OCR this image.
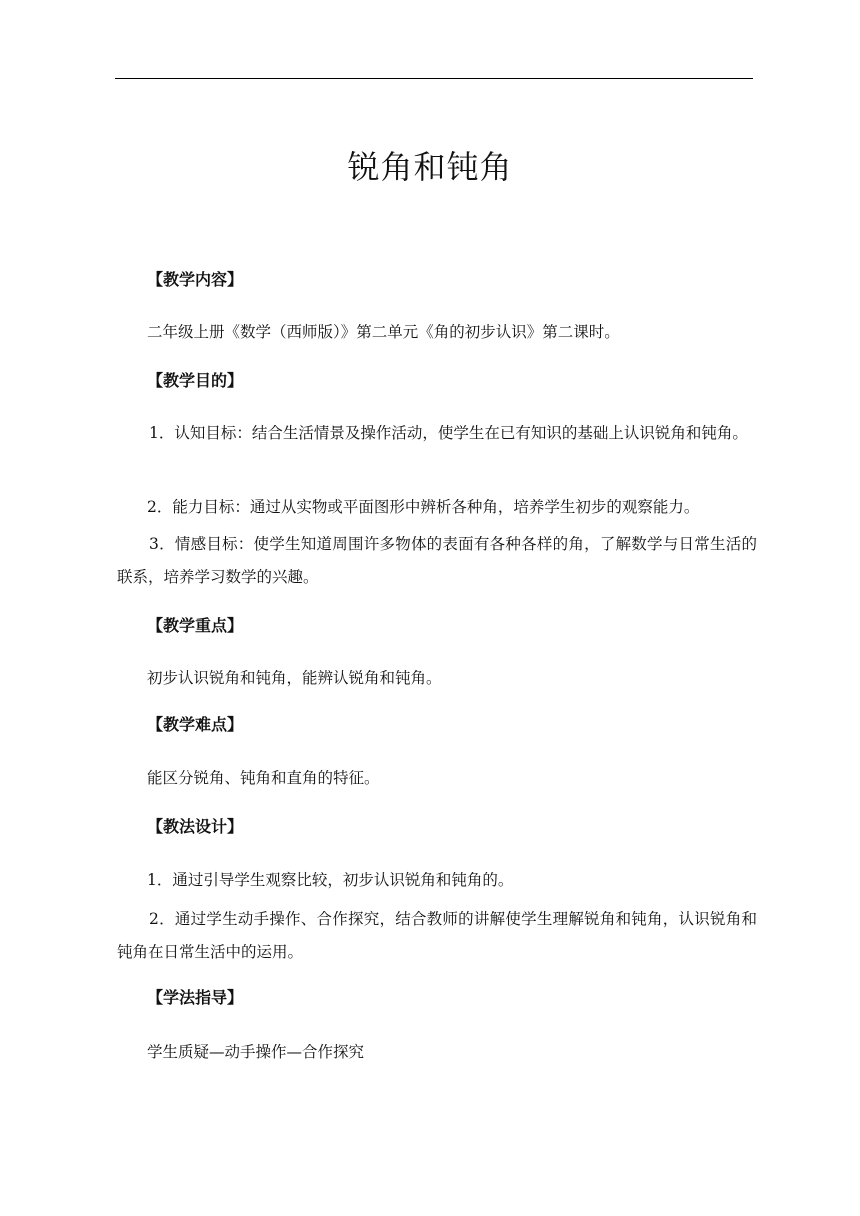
锐角和钝角
【教学内容】
二年级上册《数学（西师版）》第二单元《角的初步认识》第二课时。
【教学目的】
1．认知目标：结合生活情景及操作活动，使学生在已有知识的基础上认识锐角和钝角。
2．能力目标：通过从实物或平面图形中辨析各种角，培养学生初步的观察能力。
3．情感目标：使学生知道周围许多物体的表面有各种各样的角，了解数学与日常生活的联系，培养学习数学的兴趣。
【教学重点】
初步认识锐角和钝角，能辨认锐角和钝角。
【教学难点】
能区分锐角、钝角和直角的特征。
【教法设计】
1．通过引导学生观察比较，初步认识锐角和钝角的。
2．通过学生动手操作、合作探究，结合教师的讲解使学生理解锐角和钝角，认识锐角和钝角在日常生活中的运用。
【学法指导】
学生质疑—动手操作—合作探究
